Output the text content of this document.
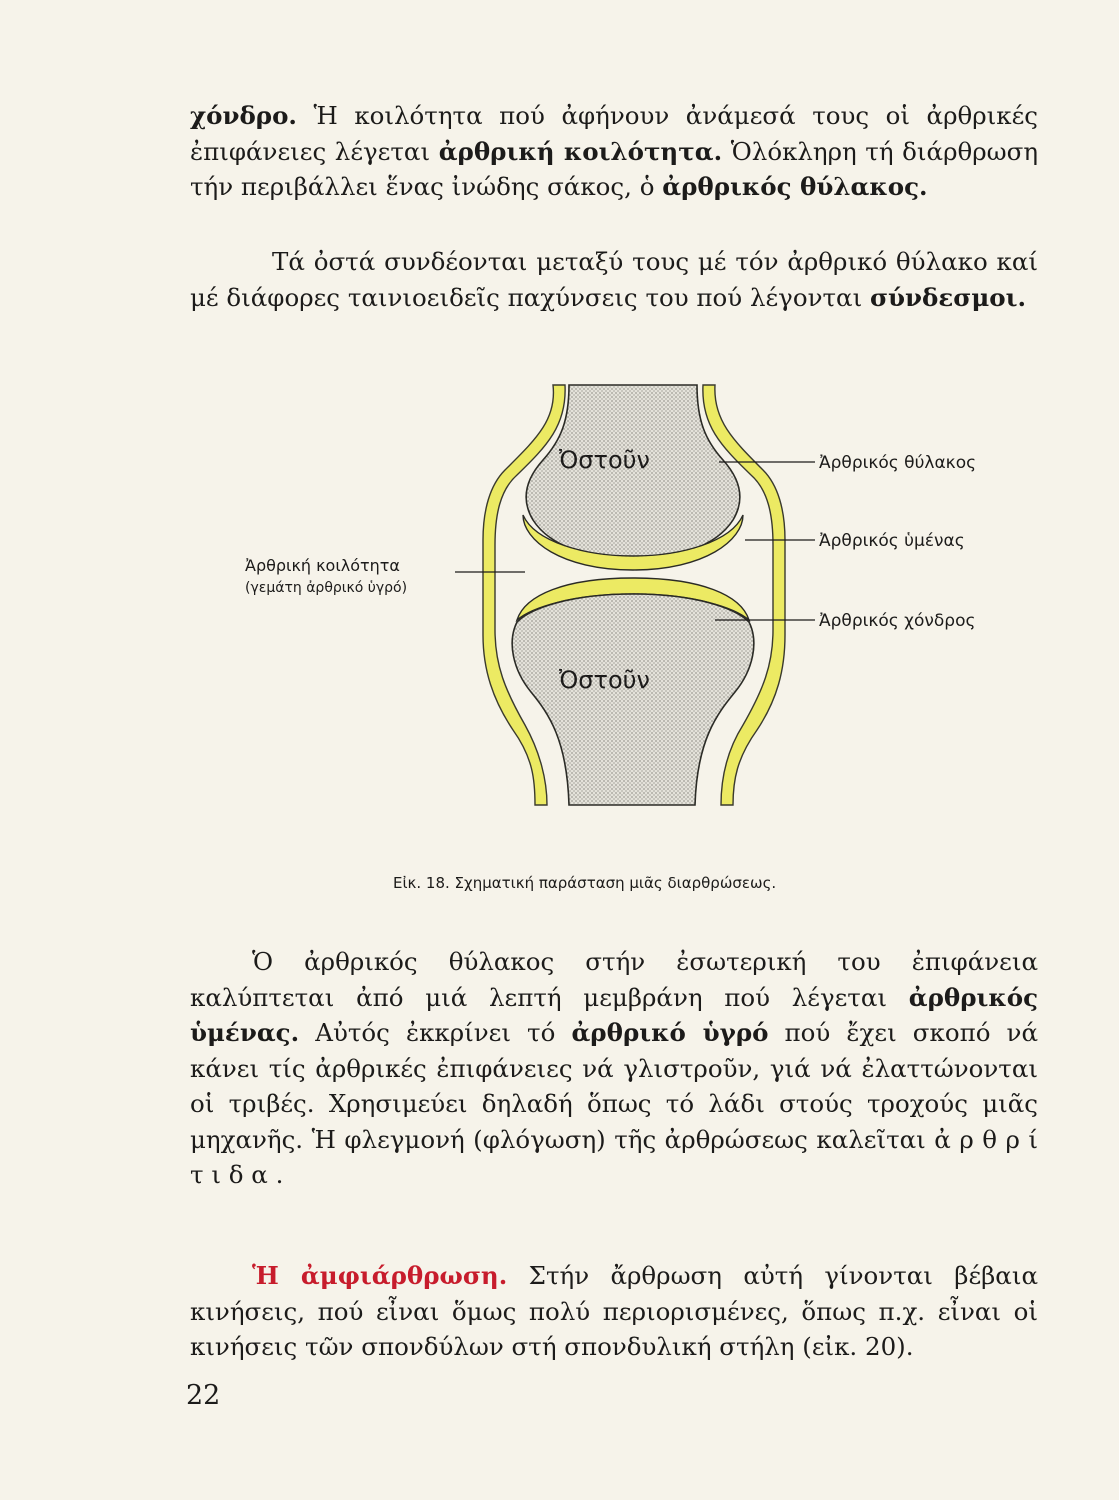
χόνδρο. Ἡ κοιλότητα πού ἀφήνουν ἀνάμεσά τους οἱ ἀρθρικές ἐπιφάνειες λέγεται ἀρθρική κοιλότητα. Ὁλόκληρη τή διάρθρωση τήν περιβάλλει ἕνας ἰνώδης σάκος, ὁ ἀρθρικός θύλακος.

Τά ὀστά συνδέονται μεταξύ τους μέ τόν ἀρθρικό θύλακο καί μέ διάφορες ταινιοειδεῖς παχύνσεις του πού λέγονται σύνδεσμοι.

Ὀστοῦν
Ὀστοῦν
Ἀρθρικός θύλακος
Ἀρθρικός ὑμένας
Ἀρθρικός χόνδρος
Ἀρθρική κοιλότητα
(γεμάτη ἀρθρικό ὑγρό)
Εἰκ. 18. Σχηματική παράσταση μιᾶς διαρθρώσεως.

Ὁ ἀρθρικός θύλακος στήν ἐσωτερική του ἐπιφάνεια καλύπτεται ἀπό μιά λεπτή μεμβράνη πού λέγεται ἀρθρικός ὑμένας. Αὐτός ἐκκρίνει τό ἀρθρικό ὑγρό πού ἔχει σκοπό νά κάνει τίς ἀρθρικές ἐπιφάνειες νά γλιστροῦν, γιά νά ἐλαττώνονται οἱ τριβές. Χρησιμεύει δηλαδή ὅπως τό λάδι στούς τροχούς μιᾶς μηχανῆς. Ἡ φλεγμονή (φλόγωση) τῆς ἀρθρώσεως καλεῖται ἀ ρ θ ρ ί τ ι δ α .

Ἡ ἀμφιάρθρωση. Στήν ἄρθρωση αὐτή γίνονται βέβαια κινήσεις, πού εἶναι ὅμως πολύ περιορισμένες, ὅπως π.χ. εἶναι οἱ κινήσεις τῶν σπονδύλων στή σπονδυλική στήλη (εἰκ. 20).

22
